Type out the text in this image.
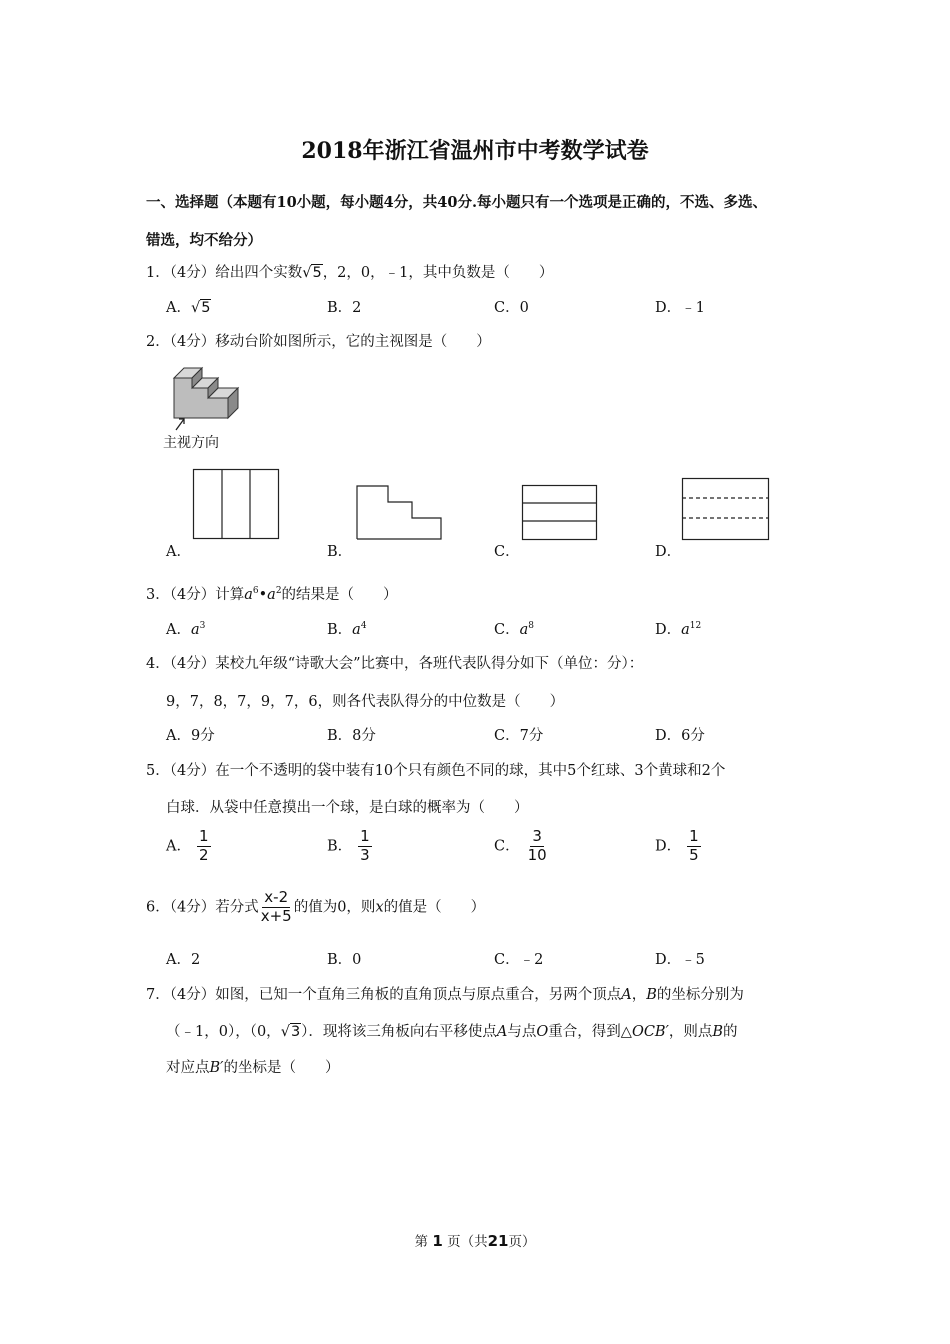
2018年浙江省温州市中考数学试卷
一、选择题（本题有10小题，每小题4分，共40分.每小题只有一个选项是正确的，不选、多选、
错选，均不给分）
1．（4分）给出四个实数√5，2，0，﹣1，其中负数是（　　）
A．√5	B．2	C．0	D．﹣1
2．（4分）移动台阶如图所示，它的主视图是（　　）
主视方向
A．	B．	C．	D．
3．（4分）计算$a^6•a^2$的结果是（　　）
A．$a^3$	B．$a^4$	C．$a^8$	D．$a^{12}$
4．（4分）某校九年级“诗歌大会”比赛中，各班代表队得分如下（单位：分）：
9，7，8，7，9，7，6，则各代表队得分的中位数是（　　）
A．9分	B．8分	C．7分	D．6分
5．（4分）在一个不透明的袋中装有10个只有颜色不同的球，其中5个红球、3个黄球和2个
白球．从袋中任意摸出一个球，是白球的概率为（　　）
A． $\frac{1}{2}$	B． $\frac{1}{3}$	C． $\frac{3}{10}$	D． $\frac{1}{5}$
6．（4分）若分式 $\frac{x-2}{x+5}$ 的值为0，则x的值是（　　）
A．2	B．0	C．﹣2	D．﹣5
7．（4分）如图，已知一个直角三角板的直角顶点与原点重合，另两个顶点A，B的坐标分别为
（﹣1，0），（0，√3）．现将该三角板向右平移使点A与点O重合，得到△OCB′，则点B的
对应点B′的坐标是（　　）
第 1 页（共21页）
